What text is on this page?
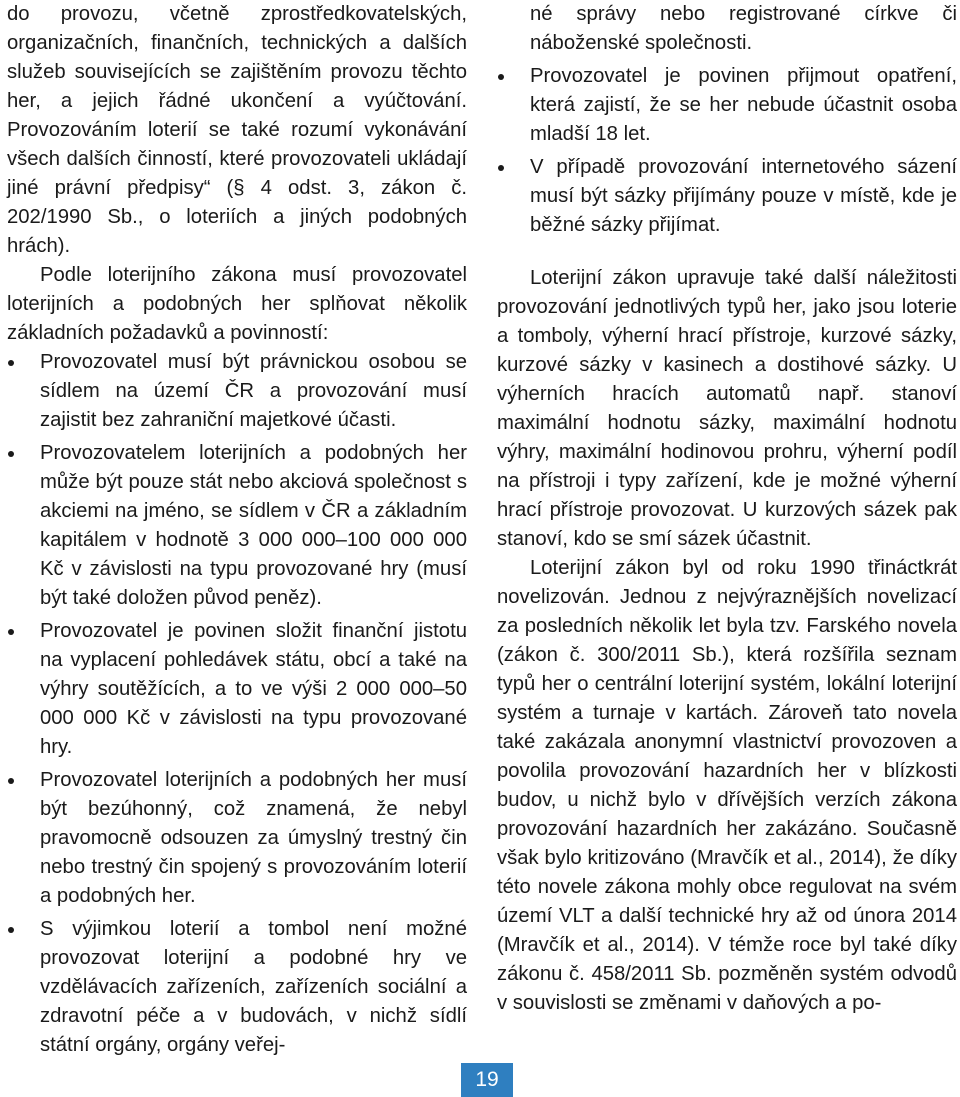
do provozu, včetně zprostředkovatelských, organizačních, finančních, technických a dalších služeb souvisejících se zajištěním provozu těchto her, a jejich řádné ukončení a vyúčtování. Provozováním loterií se také rozumí vykonávání všech dalších činností, které provozovateli ukládají jiné právní předpisy“ (§ 4 odst. 3, zákon č. 202/1990 Sb., o loteriích a jiných podobných hrách).

Podle loterijního zákona musí provozovatel loterijních a podobných her splňovat několik základních požadavků a povinností:

Provozovatel musí být právnickou osobou se sídlem na území ČR a provozování musí zajistit bez zahraniční majetkové účasti.
Provozovatelem loterijních a podobných her může být pouze stát nebo akciová společnost s akciemi na jméno, se sídlem v ČR a základním kapitálem v hodnotě 3 000 000–100 000 000 Kč v závislosti na typu provozované hry (musí být také doložen původ peněz).
Provozovatel je povinen složit finanční jistotu na vyplacení pohledávek státu, obcí a také na výhry soutěžících, a to ve výši 2 000 000–50 000 000 Kč v závislosti na typu provozované hry.
Provozovatel loterijních a podobných her musí být bezúhonný, což znamená, že nebyl pravomocně odsouzen za úmyslný trestný čin nebo trestný čin spojený s provozováním loterií a podobných her.
S výjimkou loterií a tombol není možné provozovat loterijní a podobné hry ve vzdělávacích zařízeních, zařízeních sociální a zdravotní péče a v budovách, v nichž sídlí státní orgány, orgány veřej-
né správy nebo registrované církve či náboženské společnosti.
Provozovatel je povinen přijmout opatření, která zajistí, že se her nebude účastnit osoba mladší 18 let.
V případě provozování internetového sázení musí být sázky přijímány pouze v místě, kde je běžné sázky přijímat.

Loterijní zákon upravuje také další náležitosti provozování jednotlivých typů her, jako jsou loterie a tomboly, výherní hrací přístroje, kurzové sázky, kurzové sázky v kasinech a dostihové sázky. U výherních hracích automatů např. stanoví maximální hodnotu sázky, maximální hodnotu výhry, maximální hodinovou prohru, výherní podíl na přístroji i typy zařízení, kde je možné výherní hrací přístroje provozovat. U kurzových sázek pak stanoví, kdo se smí sázek účastnit.

Loterijní zákon byl od roku 1990 třináctkrát novelizován. Jednou z nejvýraznějších novelizací za posledních několik let byla tzv. Farského novela (zákon č. 300/2011 Sb.), která rozšířila seznam typů her o centrální loterijní systém, lokální loterijní systém a turnaje v kartách. Zároveň tato novela také zakázala anonymní vlastnictví provozoven a povolila provozování hazardních her v blízkosti budov, u nichž bylo v dřívějších verzích zákona provozování hazardních her zakázáno. Současně však bylo kritizováno (Mravčík et al., 2014), že díky této novele zákona mohly obce regulovat na svém území VLT a další technické hry až od února 2014 (Mravčík et al., 2014). V témže roce byl také díky zákonu č. 458/2011 Sb. pozměněn systém odvodů v souvislosti se změnami v daňových a po-

19
